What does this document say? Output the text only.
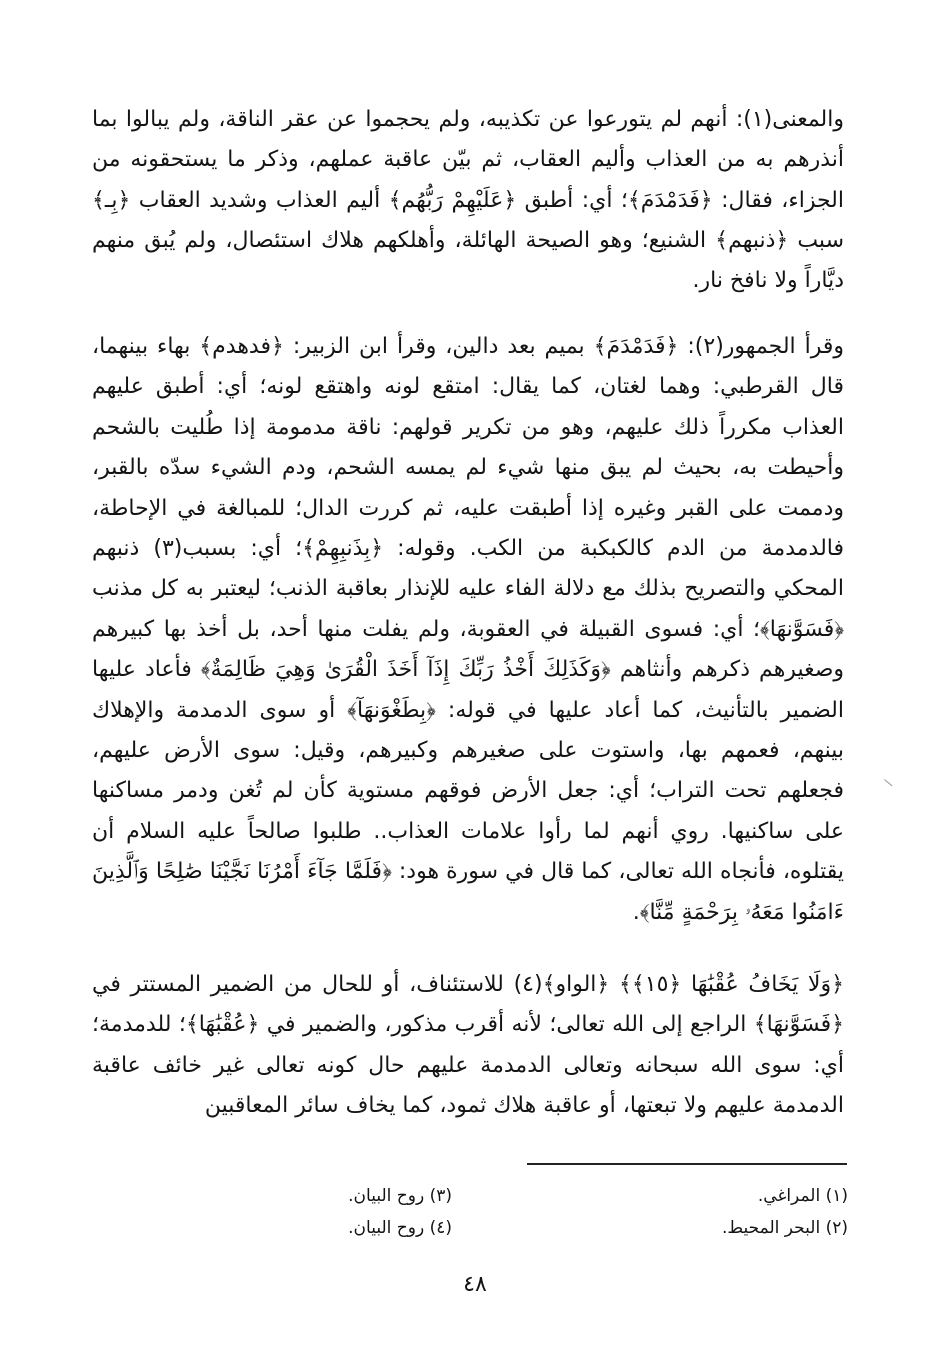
والمعنى(١): أنهم لم يتورعوا عن تكذيبه، ولم يحجموا عن عقر الناقة، ولم يبالوا بما أنذرهم به من العذاب وأليم العقاب، ثم بيّن عاقبة عملهم، وذكر ما يستحقونه من الجزاء، فقال: ﴿فَدَمْدَمَ﴾؛ أي: أطبق ﴿عَلَيْهِمْ رَبُّهُم﴾ أليم العذاب وشديد العقاب ﴿بِـ﴾ سبب ﴿ذنبهم﴾ الشنيع؛ وهو الصيحة الهائلة، وأهلكهم هلاك استئصال، ولم يُبق منهم ديَّاراً ولا نافخ نار.
وقرأ الجمهور(٢): ﴿فَدَمْدَمَ﴾ بميم بعد دالين، وقرأ ابن الزبير: ﴿فدهدم﴾ بهاء بينهما، قال القرطبي: وهما لغتان، كما يقال: امتقع لونه واهتقع لونه؛ أي: أطبق عليهم العذاب مكرراً ذلك عليهم، وهو من تكرير قولهم: ناقة مدمومة إذا طُليت بالشحم وأحيطت به، بحيث لم يبق منها شيء لم يمسه الشحم، ودم الشيء سدّه بالقبر، ودممت على القبر وغيره إذا أطبقت عليه، ثم كررت الدال؛ للمبالغة في الإحاطة، فالدمدمة من الدم كالكبكبة من الكب. وقوله: ﴿بِذَنبِهِمْ﴾؛ أي: بسبب(٣) ذنبهم المحكي والتصريح بذلك مع دلالة الفاء عليه للإنذار بعاقبة الذنب؛ ليعتبر به كل مذنب ﴿فَسَوَّنهَا﴾؛ أي: فسوى القبيلة في العقوبة، ولم يفلت منها أحد، بل أخذ بها كبيرهم وصغيرهم ذكرهم وأنثاهم ﴿وَكَذَلِكَ أَخْذُ رَبِّكَ إِذَآ أَخَذَ الْقُرَىٰ وَهِيَ ظَالِمَةٌ﴾ فأعاد عليها الضمير بالتأنيث، كما أعاد عليها في قوله: ﴿بِطَغْوَنهَآ﴾ أو سوى الدمدمة والإهلاك بينهم، فعمهم بها، واستوت على صغيرهم وكبيرهم، وقيل: سوى الأرض عليهم، فجعلهم تحت التراب؛ أي: جعل الأرض فوقهم مستوية كأن لم تُغن ودمر مساكنها على ساكنيها. روي أنهم لما رأوا علامات العذاب.. طلبوا صالحاً عليه السلام أن يقتلوه، فأنجاه الله تعالى، كما قال في سورة هود: ﴿فَلَمَّا جَآءَ أَمْرُنَا نَجَّيْنَا صَٰلِحًا وَٱلَّذِينَ ءَامَنُوا مَعَهُۥ بِرَحْمَةٍ مِّنَّا﴾.
﴿وَلَا يَخَافُ عُقْبَٰهَا ﴿١٥﴾﴾ ﴿الواو﴾(٤) للاستئناف، أو للحال من الضمير المستتر في ﴿فَسَوَّنهَا﴾ الراجع إلى الله تعالى؛ لأنه أقرب مذكور، والضمير في ﴿عُقْبَٰهَا﴾؛ للدمدمة؛ أي: سوى الله سبحانه وتعالى الدمدمة عليهم حال كونه تعالى غير خائف عاقبة الدمدمة عليهم ولا تبعتها، أو عاقبة هلاك ثمود، كما يخاف سائر المعاقبين
(١) المراغي.
(٢) البحر المحيط.
(٣) روح البيان.
(٤) روح البيان.
٤٨
